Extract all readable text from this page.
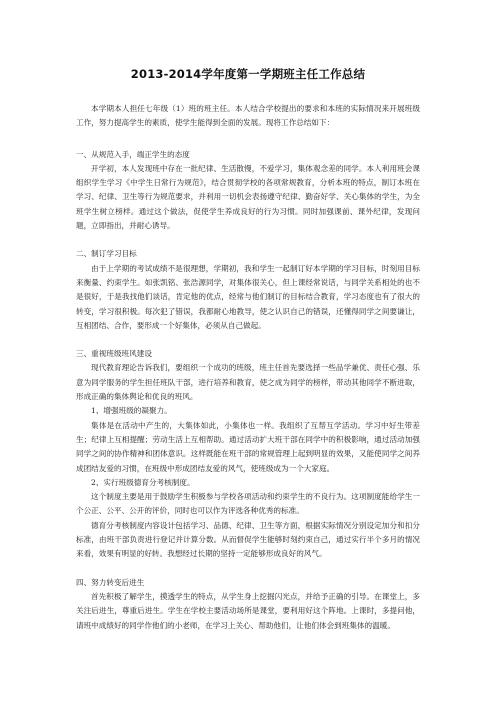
2013-2014学年度第一学期班主任工作总结

本学期本人担任七年级（1）班的班主任。本人结合学校提出的要求和本班的实际情况来开展班级工作，努力提高学生的素质，使学生能得到全面的发展。现将工作总结如下：

一、从规范入手，端正学生的态度

开学初，本人发现班中存在一批纪律、生活散慢，不爱学习，集体观念差的同学。本人利用班会课组织学生学习《中学生日常行为规范》，结合贯彻学校的各项常规教育，分析本班的特点，制订本班在学习、纪律、卫生等行为规范要求，并利用一切机会表扬遵守纪律、勤奋好学、关心集体的学生，为全班学生树立榜样。通过这个做法，促使学生养成良好的行为习惯。同时加强课前、课外纪律，发现问题，立即指出，并耐心诱导。

二、制订学习目标

由于上学期的考试成绩不是很理想，学期初，我和学生一起制订好本学期的学习目标，时刻用目标来衡量、约束学生。如张凯铭、张浩源同学，对集体很关心，但上课经常说话，与同学关系相处的也不是很好，于是我找他们谈话，肯定他的优点，经常与他们制订的目标结合教育，学习态度也有了很大的转变，学习很积极。每次犯了错误，我都耐心地教导，使之认识自己的错误，还懂得同学之间要谦让，互相团结、合作，要形成一个好集体，必须从自己做起。

三、重视班级班风建设

现代教育理论告诉我们，要组织一个成功的班级，班主任首先要选择一些品学兼优、责任心强、乐意为同学服务的学生担任班队干部，进行培养和教育，使之成为同学的榜样，带动其他同学不断进取，形成正确的集体舆论和优良的班风。

1、增强班级的凝聚力。

集体是在活动中产生的，大集体如此，小集体也一样。我组织了互帮互学活动。学习中好生带差生；纪律上互相提醒；劳动生活上互相帮助。通过活动扩大班干部在同学中的积极影响，通过活动加强同学之间的协作精神和团体意识。这样既能在班干部的常规管理上起到明显的效果，又能使同学之间养成团结友爱的习惯，在班级中形成团结友爱的风气，使班级成为一个大家庭。

2、实行班级德育分考核制度。

这个制度主要是用于鼓励学生积极参与学校各项活动和约束学生的不良行为。这项制度能给学生一个公正、公平、公开的评价，同时也可以作为评选各种优秀的标准。

德育分考核制度内容设计包括学习、品德、纪律、卫生等方面，根据实际情况分别设定加分和扣分标准，由班干部负责进行登记并计算分数。从而督促学生能够时刻约束自己，通过实行半个多月的情况来看，效果有明显的好转。我想经过长期的坚持一定能够形成良好的风气。

四、努力转变后进生

首先积极了解学生，摸透学生的特点，从学生身上挖掘闪光点，并给予正确的引导。在课堂上，多关注后进生，尊重后进生。学生在学校主要活动场所是课堂，要利用好这个阵地。上课时，多提问他，请班中成绩好的同学作他们的小老师，在学习上关心、帮助他们，让他们体会到班集体的温暖。
